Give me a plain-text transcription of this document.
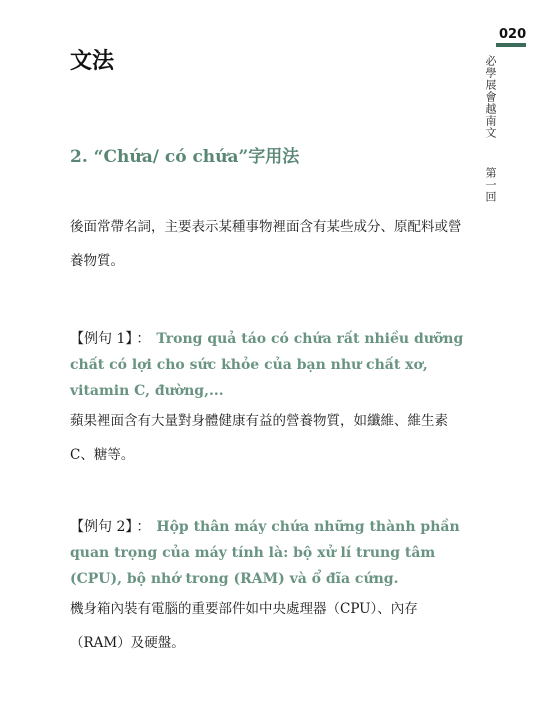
020
必學展會越南文
第一回
文法
2. “Chứa/ có chứa”字用法

後面常帶名詞，主要表示某種事物裡面含有某些成分、原配料或營養物質。

【例句 1】 ： Trong quả táo có chứa rất nhiều dưỡng chất có lợi cho sức khỏe của bạn như chất xơ, vitamin C, đường,...

蘋果裡面含有大量對身體健康有益的營養物質，如纖維、維生素 C、糖等。

【例句 2】 ： Hộp thân máy chứa những thành phần quan trọng của máy tính là: bộ xử lí trung tâm (CPU), bộ nhớ trong (RAM) và ổ đĩa cứng.

機身箱內裝有電腦的重要部件如中央處理器（CPU）、內存（RAM）及硬盤。
